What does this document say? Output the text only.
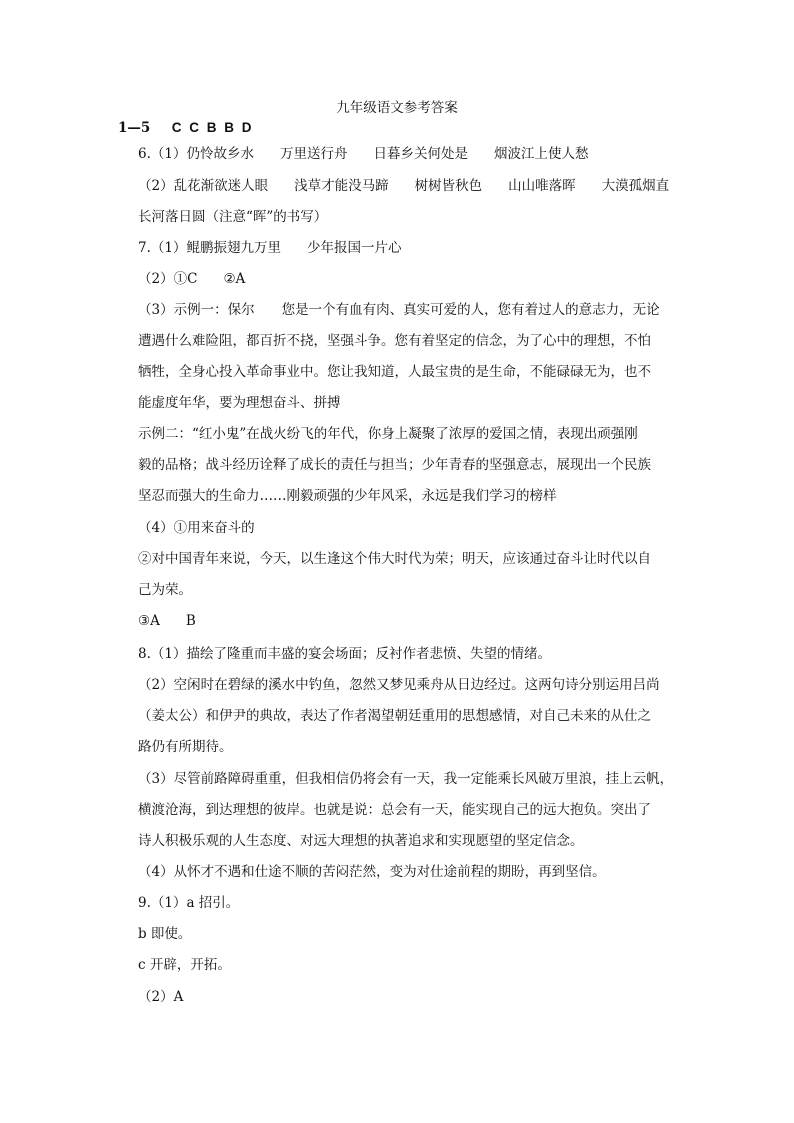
九年级语文参考答案
1—5 C C B B D
6.（1）仍怜故乡水 万里送行舟 日暮乡关何处是 烟波江上使人愁
（2）乱花渐欲迷人眼 浅草才能没马蹄 树树皆秋色 山山唯落晖 大漠孤烟直
长河落日圆（注意“晖”的书写）
7.（1）鲲鹏振翅九万里 少年报国一片心
（2）①C ②A
（3）示例一：保尔　　您是一个有血有肉、真实可爱的人，您有着过人的意志力，无论
遭遇什么难险阻，都百折不挠，坚强斗争。您有着坚定的信念，为了心中的理想，不怕
牺牲，全身心投入革命事业中。您让我知道，人最宝贵的是生命，不能碌碌无为，也不
能虚度年华，要为理想奋斗、拼搏
示例二：“红小鬼”在战火纷飞的年代，你身上凝聚了浓厚的爱国之情，表现出顽强刚
毅的品格；战斗经历诠释了成长的责任与担当；少年青春的坚强意志，展现出一个民族
坚忍而强大的生命力……刚毅顽强的少年风采，永远是我们学习的榜样
（4）①用来奋斗的
②对中国青年来说，今天，以生逢这个伟大时代为荣；明天，应该通过奋斗让时代以自
己为荣。
③A B
8.（1）描绘了隆重而丰盛的宴会场面；反衬作者悲愤、失望的情绪。
（2）空闲时在碧绿的溪水中钓鱼，忽然又梦见乘舟从日边经过。这两句诗分别运用吕尚
（姜太公）和伊尹的典故，表达了作者渴望朝廷重用的思想感情，对自己未来的从仕之
路仍有所期待。
（3）尽管前路障碍重重，但我相信仍将会有一天，我一定能乘长风破万里浪，挂上云帆，
横渡沧海，到达理想的彼岸。也就是说：总会有一天，能实现自己的远大抱负。突出了
诗人积极乐观的人生态度、对远大理想的执著追求和实现愿望的坚定信念。
（4）从怀才不遇和仕途不顺的苦闷茫然，变为对仕途前程的期盼，再到坚信。
9.（1）a 招引。
b 即使。
c 开辟，开拓。
（2）A
